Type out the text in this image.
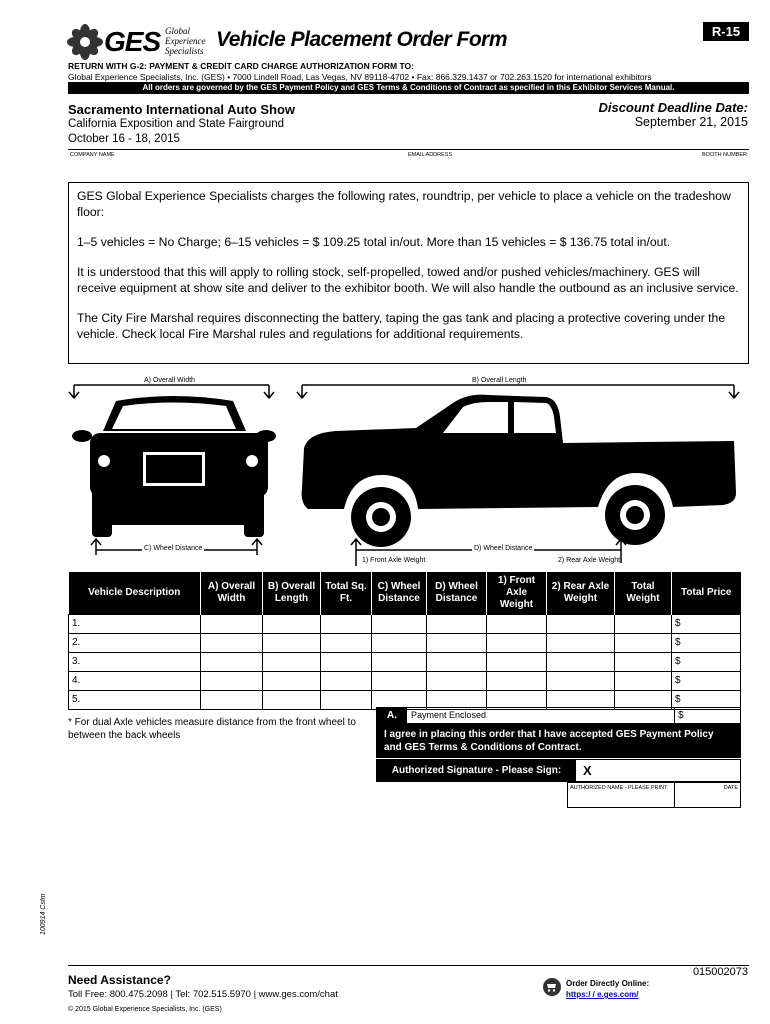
GES Global
Experience
Specialists Vehicle Placement Order Form	R-15
RETURN WITH G-2: PAYMENT & CREDIT CARD CHARGE AUTHORIZATION FORM TO:
Global Experience Specialists, Inc. (GES) • 7000 Lindell Road, Las Vegas, NV 89118-4702 • Fax: 866.329.1437 or 702.263.1520 for international exhibitors
All orders are governed by the GES Payment Policy and GES Terms & Conditions of Contract as specified in this Exhibitor Services Manual.
Sacramento International Auto Show
California Exposition and State Fairground
October 16 - 18, 2015
Discount Deadline Date:
September 21, 2015
COMPANY NAME	EMAIL ADDRESS	BOOTH NUMBER

GES Global Experience Specialists charges the following rates, roundtrip, per vehicle to place a vehicle on the tradeshow floor:

1–5 vehicles = No Charge; 6–15 vehicles = $ 109.25 total in/out. More than 15 vehicles = $ 136.75 total in/out.

It is understood that this will apply to rolling stock, self-propelled, towed and/or pushed vehicles/machinery. GES will receive equipment at show site and deliver to the exhibitor booth. We will also handle the outbound as an inclusive service.

The City Fire Marshal requires disconnecting the battery, taping the gas tank and placing a protective covering under the vehicle. Check local Fire Marshal rules and regulations for additional requirements.

A) Overall Width	B) Overall Length
C) Wheel Distance	D) Wheel Distance
1) Front Axle Weight	2) Rear Axle Weight
Vehicle Description	A) Overall Width	B) Overall Length	Total Sq. Ft.	C) Wheel Distance	D) Wheel Distance	1) Front Axle Weight	2) Rear Axle Weight	Total Weight	Total Price
1.									$
2.									$
3.									$
4.									$
5.									$
A.	Payment Enclosed	$
* For dual Axle vehicles measure distance from the front wheel to between the back wheels	I agree in placing this order that I have accepted GES Payment Policy and GES Terms & Conditions of Contract.
Authorized Signature - Please Sign:	X
AUTHORIZED NAME - PLEASE PRINT	DATE
100914 Cstm
Need Assistance?
Toll Free: 800.475.2098 | Tel: 702.515.5970 | www.ges.com/chat
© 2015 Global Experience Specialists, Inc. (GES)
015002073
Order Directly Online:
https:/ / e.ges.com/
